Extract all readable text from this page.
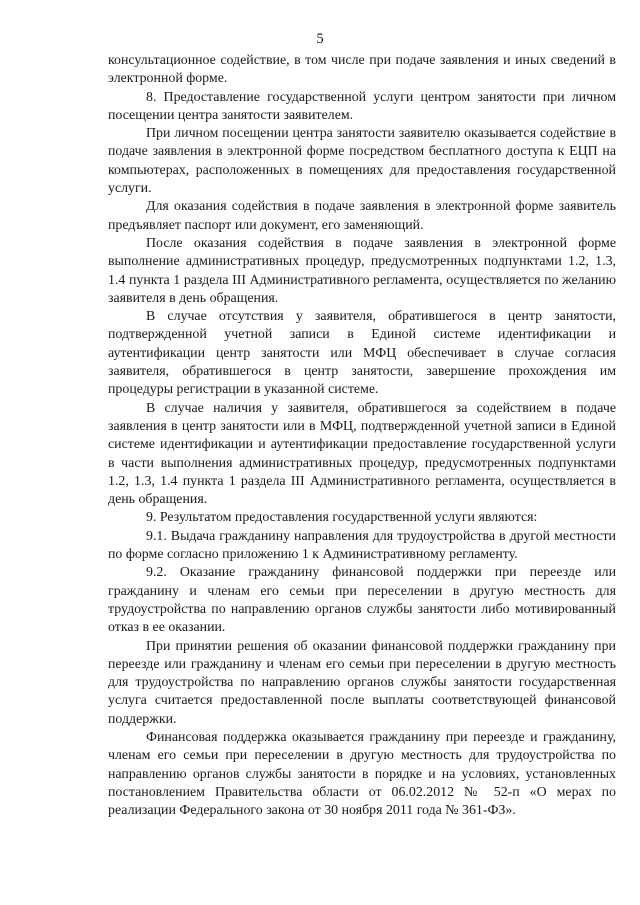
5

консультационное содействие, в том числе при подаче заявления и иных сведений в электронной форме.

8. Предоставление государственной услуги центром занятости при личном посещении центра занятости заявителем.

При личном посещении центра занятости заявителю оказывается содействие в подаче заявления в электронной форме посредством бесплатного доступа к ЕЦП на компьютерах, расположенных в помещениях для предоставления государственной услуги.

Для оказания содействия в подаче заявления в электронной форме заявитель предъявляет паспорт или документ, его заменяющий.

После оказания содействия в подаче заявления в электронной форме выполнение административных процедур, предусмотренных подпунктами 1.2, 1.3, 1.4 пункта 1 раздела III Административного регламента, осуществляется по желанию заявителя в день обращения.

В случае отсутствия у заявителя, обратившегося в центр занятости, подтвержденной учетной записи в Единой системе идентификации и аутентификации центр занятости или МФЦ обеспечивает в случае согласия заявителя, обратившегося в центр занятости, завершение прохождения им процедуры регистрации в указанной системе.

В случае наличия у заявителя, обратившегося за содействием в подаче заявления в центр занятости или в МФЦ, подтвержденной учетной записи в Единой системе идентификации и аутентификации предоставление государственной услуги в части выполнения административных процедур, предусмотренных подпунктами 1.2, 1.3, 1.4 пункта 1 раздела III Административного регламента, осуществляется в день обращения.

9. Результатом предоставления государственной услуги являются:

9.1. Выдача гражданину направления для трудоустройства в другой местности по форме согласно приложению 1 к Административному регламенту.

9.2. Оказание гражданину финансовой поддержки при переезде или гражданину и членам его семьи при переселении в другую местность для трудоустройства по направлению органов службы занятости либо мотивированный отказ в ее оказании.

При принятии решения об оказании финансовой поддержки гражданину при переезде или гражданину и членам его семьи при переселении в другую местность для трудоустройства по направлению органов службы занятости государственная услуга считается предоставленной после выплаты соответствующей финансовой поддержки.

Финансовая поддержка оказывается гражданину при переезде и гражданину, членам его семьи при переселении в другую местность для трудоустройства по направлению органов службы занятости в порядке и на условиях, установленных постановлением Правительства области от 06.02.2012 № 52-п «О мерах по реализации Федерального закона от 30 ноября 2011 года № 361-ФЗ».
